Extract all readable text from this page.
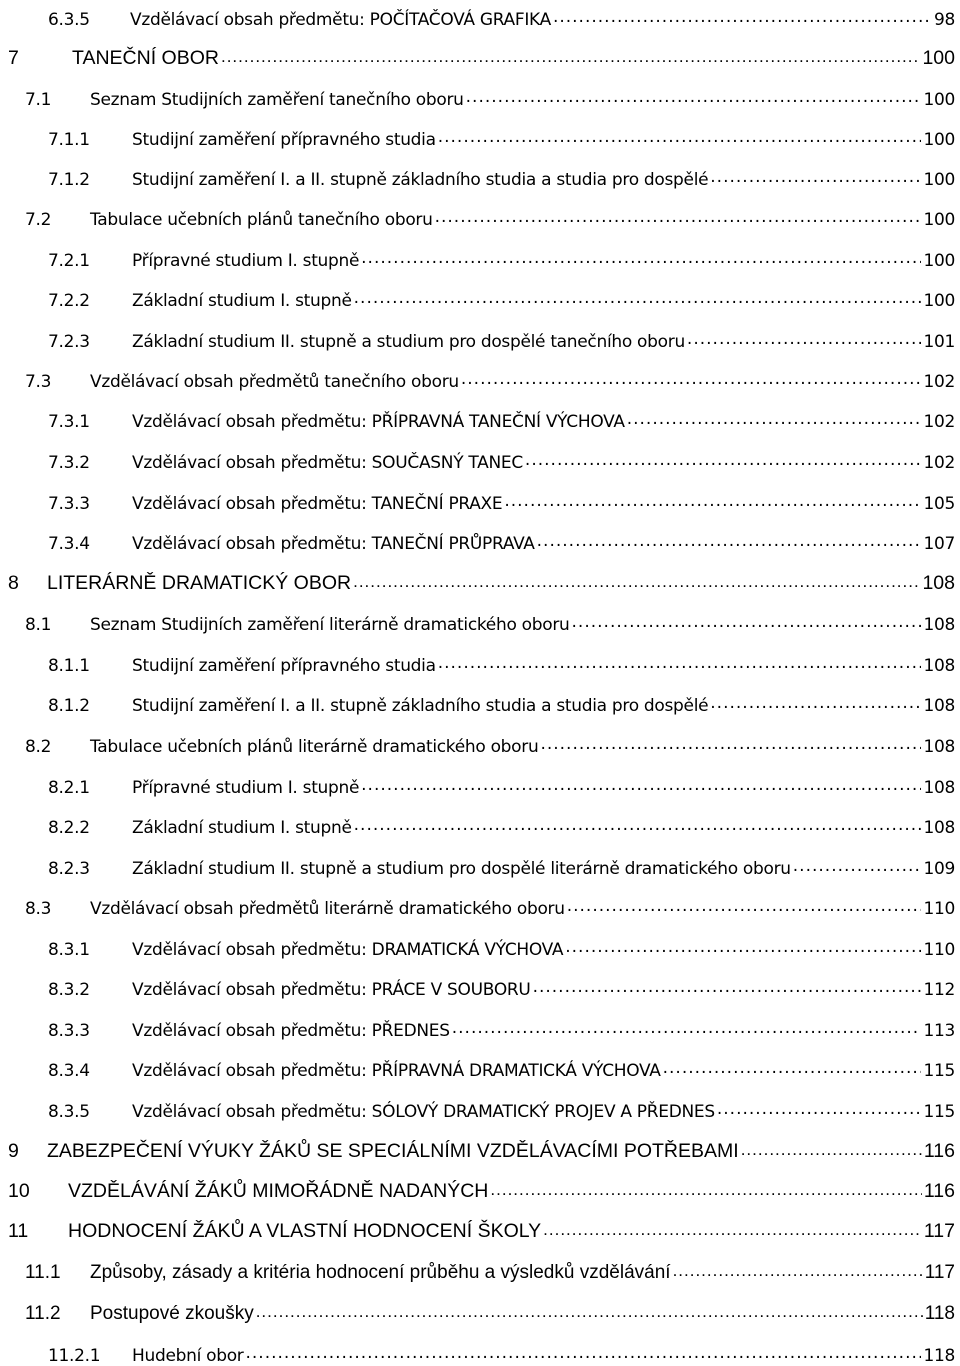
6.3.5	Vzdělávací obsah předmětu: POČÍTAČOVÁ GRAFIKA .....	98
7	TANEČNÍ OBOR .....	100
7.1	Seznam Studijních zaměření tanečního oboru .....	100
7.1.1	Studijní zaměření přípravného studia .....	100
7.1.2	Studijní zaměření I. a II. stupně základního studia a studia pro dospělé .....	100
7.2	Tabulace učebních plánů tanečního oboru .....	100
7.2.1	Přípravné studium I. stupně .....	100
7.2.2	Základní studium I. stupně .....	100
7.2.3	Základní studium II. stupně a studium pro dospělé tanečního oboru .....	101
7.3	Vzdělávací obsah předmětů tanečního oboru .....	102
7.3.1	Vzdělávací obsah předmětu: PŘÍPRAVNÁ TANEČNÍ VÝCHOVA .....	102
7.3.2	Vzdělávací obsah předmětu: SOUČASNÝ TANEC .....	102
7.3.3	Vzdělávací obsah předmětu: TANEČNÍ PRAXE .....	105
7.3.4	Vzdělávací obsah předmětu: TANEČNÍ PRŮPRAVA .....	107
8	LITERÁRNĚ DRAMATICKÝ OBOR .....	108
8.1	Seznam Studijních zaměření literárně dramatického oboru .....	108
8.1.1	Studijní zaměření přípravného studia .....	108
8.1.2	Studijní zaměření I. a II. stupně základního studia a studia pro dospělé .....	108
8.2	Tabulace učebních plánů literárně dramatického oboru .....	108
8.2.1	Přípravné studium I. stupně .....	108
8.2.2	Základní studium I. stupně .....	108
8.2.3	Základní studium II. stupně a studium pro dospělé literárně dramatického oboru .....	109
8.3	Vzdělávací obsah předmětů literárně dramatického oboru .....	110
8.3.1	Vzdělávací obsah předmětu: DRAMATICKÁ VÝCHOVA .....	110
8.3.2	Vzdělávací obsah předmětu: PRÁCE V SOUBORU .....	112
8.3.3	Vzdělávací obsah předmětu: PŘEDNES .....	113
8.3.4	Vzdělávací obsah předmětu: PŘÍPRAVNÁ DRAMATICKÁ VÝCHOVA .....	115
8.3.5	Vzdělávací obsah předmětu: SÓLOVÝ DRAMATICKÝ PROJEV A PŘEDNES .....	115
9	ZABEZPEČENÍ VÝUKY ŽÁKŮ SE SPECIÁLNÍMI VZDĚLÁVACÍMI POTŘEBAMI .....	116
10	VZDĚLÁVÁNÍ ŽÁKŮ MIMOŘÁDNĚ NADANÝCH .....	116
11	HODNOCENÍ ŽÁKŮ A VLASTNÍ HODNOCENÍ ŠKOLY .....	117
11.1	Způsoby, zásady a kritéria hodnocení průběhu a výsledků vzdělávání .....	117
11.2	Postupové zkoušky .....	118
11.2.1	Hudební obor .....	118
